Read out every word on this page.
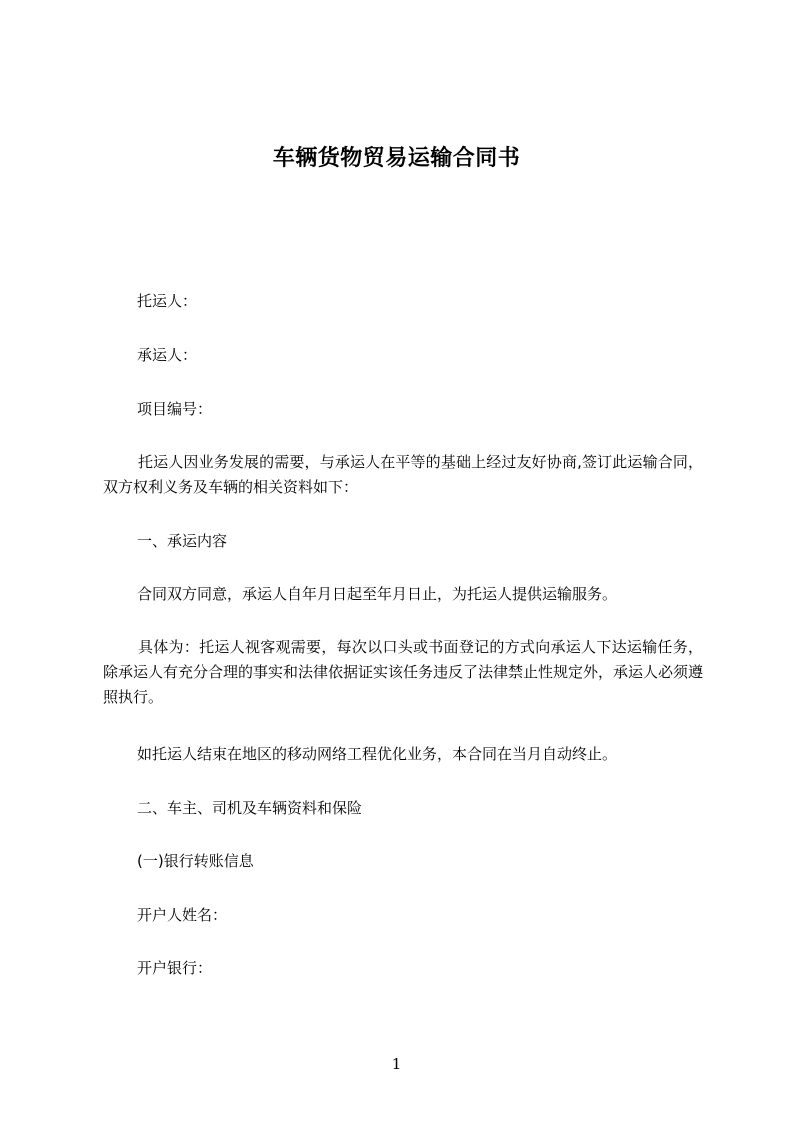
车辆货物贸易运输合同书

托运人：

承运人：

项目编号：

托运人因业务发展的需要，与承运人在平等的基础上经过友好协商,签订此运输合同，双方权利义务及车辆的相关资料如下：

一、承运内容

合同双方同意，承运人自年月日起至年月日止，为托运人提供运输服务。

具体为：托运人视客观需要，每次以口头或书面登记的方式向承运人下达运输任务，除承运人有充分合理的事实和法律依据证实该任务违反了法律禁止性规定外，承运人必须遵照执行。

如托运人结束在地区的移动网络工程优化业务，本合同在当月自动终止。

二、车主、司机及车辆资料和保险

(一)银行转账信息

开户人姓名：

开户银行：

1
